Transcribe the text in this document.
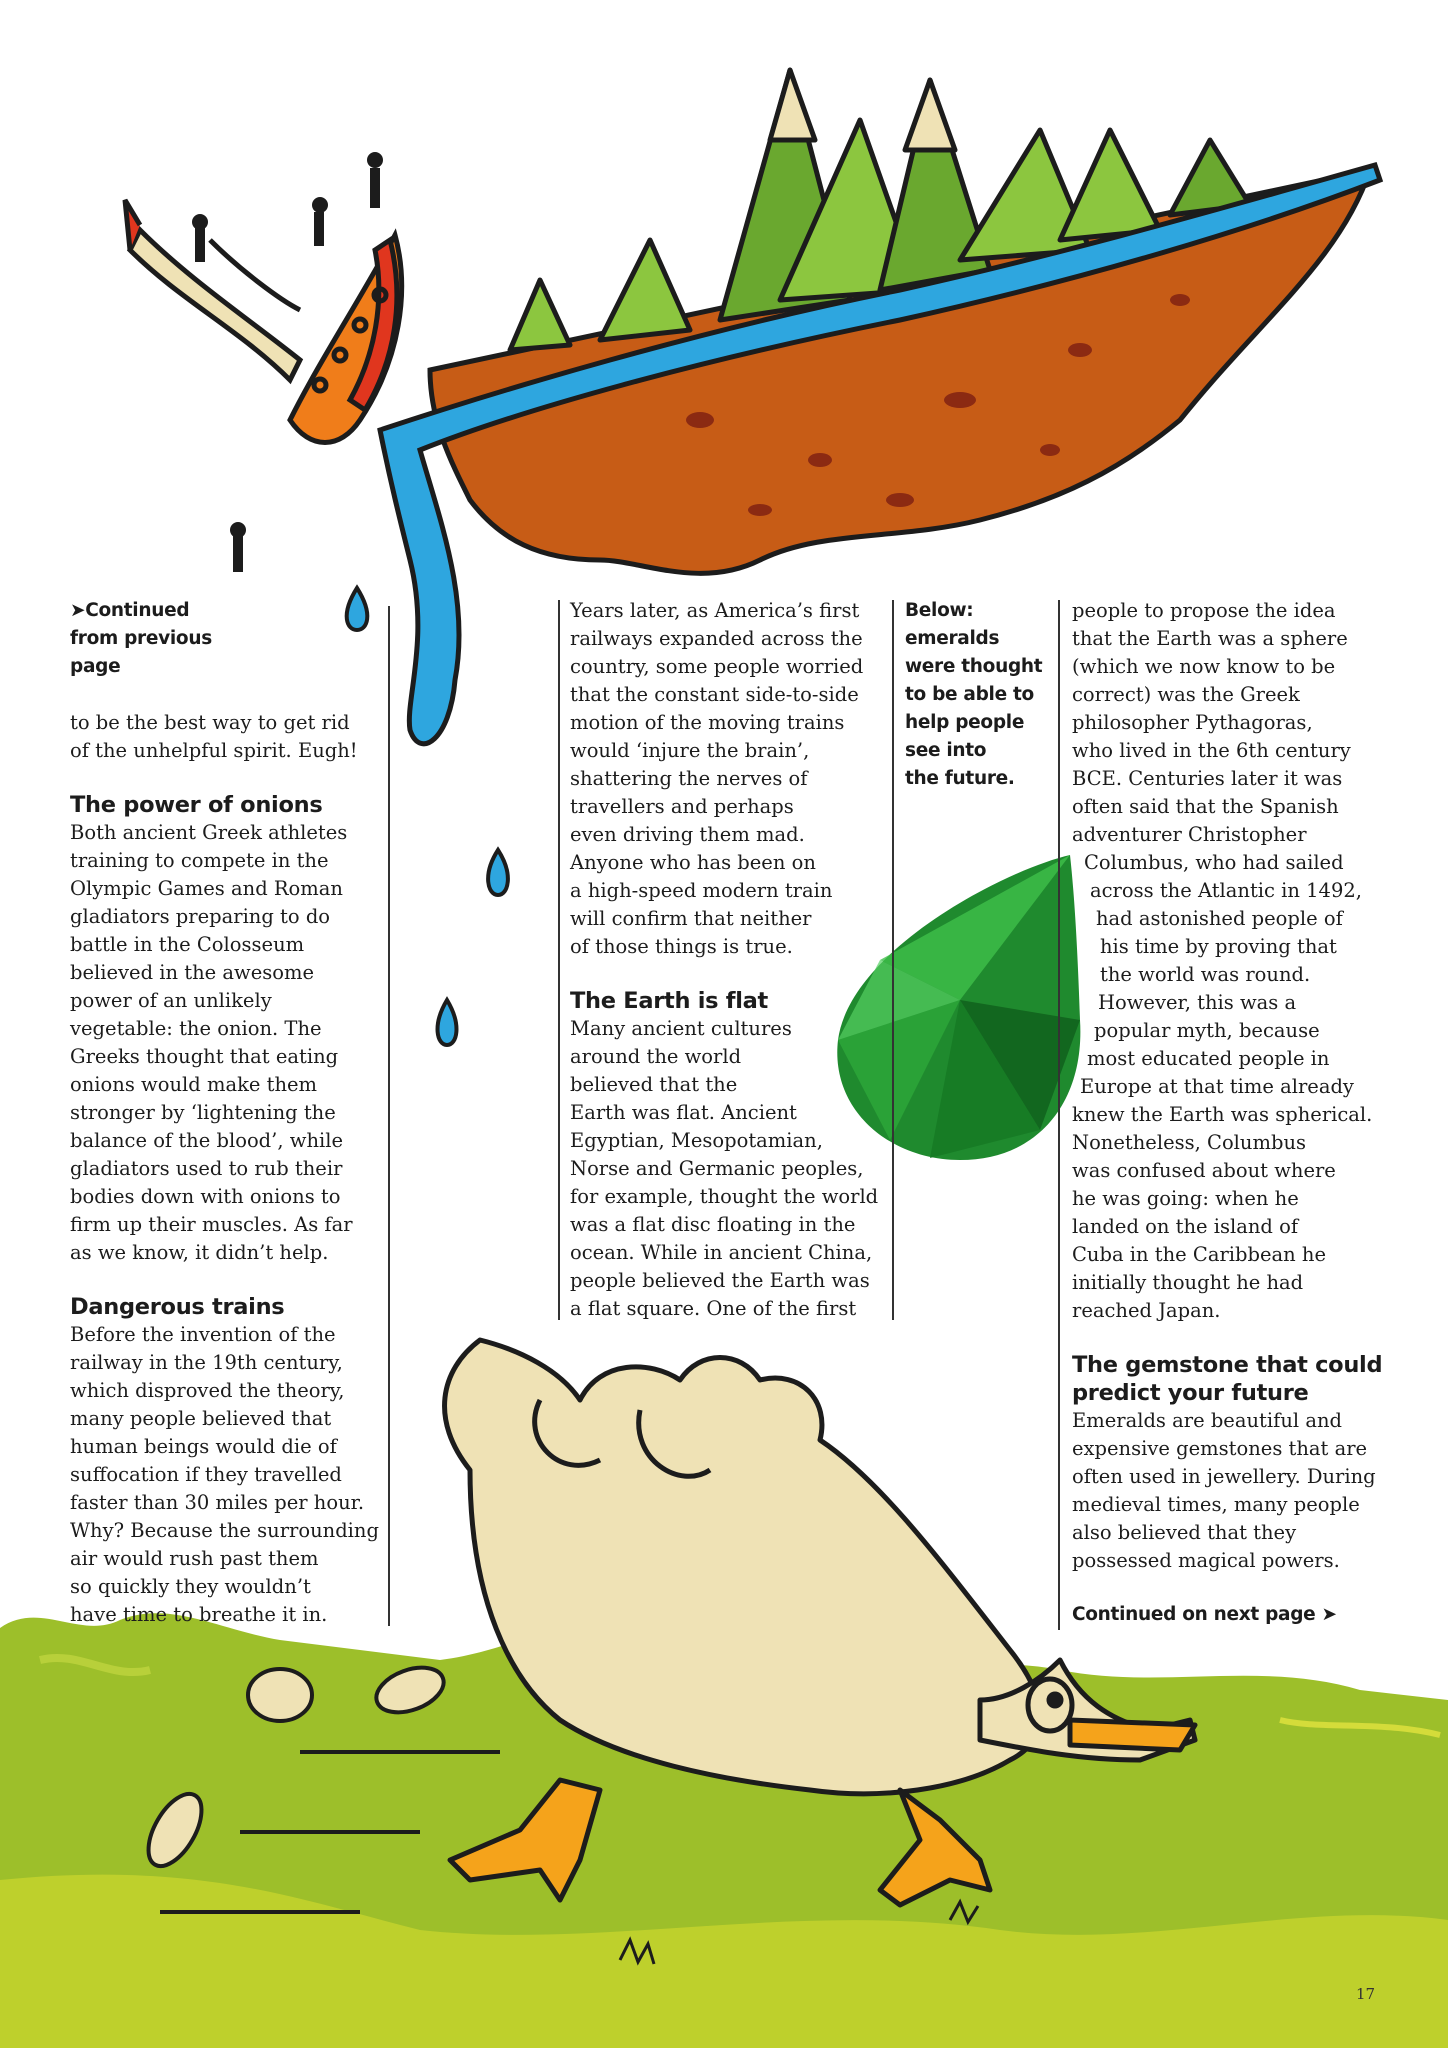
➤Continued
from previous
page

to be the best way to get rid
of the unhelpful spirit. Eugh!

The power of onions

Both ancient Greek athletes
training to compete in the
Olympic Games and Roman
gladiators preparing to do
battle in the Colosseum
believed in the awesome
power of an unlikely
vegetable: the onion. The
Greeks thought that eating
onions would make them
stronger by ‘lightening the
balance of the blood’, while
gladiators used to rub their
bodies down with onions to
firm up their muscles. As far
as we know, it didn’t help.

Dangerous trains

Before the invention of the
railway in the 19th century,
which disproved the theory,
many people believed that
human beings would die of
suffocation if they travelled
faster than 30 miles per hour.
Why? Because the surrounding
air would rush past them
so quickly they wouldn’t
have time to breathe it in.

Years later, as America’s first
railways expanded across the
country, some people worried
that the constant side-to-side
motion of the moving trains
would ‘injure the brain’,
shattering the nerves of
travellers and perhaps
even driving them mad.
Anyone who has been on
a high-speed modern train
will confirm that neither
of those things is true.

The Earth is flat

Many ancient cultures
around the world
believed that the
Earth was flat. Ancient
Egyptian, Mesopotamian,
Norse and Germanic peoples,
for example, thought the world
was a flat disc floating in the
ocean. While in ancient China,
people believed the Earth was
a flat square. One of the first

Below:
emeralds
were thought
to be able to
help people
see into
the future.
people to propose the idea
that the Earth was a sphere
(which we now know to be
correct) was the Greek
philosopher Pythagoras,
who lived in the 6th century
BCE. Centuries later it was
often said that the Spanish
adventurer Christopher
Columbus, who had sailed
across the Atlantic in 1492,
had astonished people of
his time by proving that
the world was round.
However, this was a
popular myth, because
most educated people in
Europe at that time already
knew the Earth was spherical.
Nonetheless, Columbus
was confused about where
he was going: when he
landed on the island of
Cuba in the Caribbean he
initially thought he had
reached Japan.
The gemstone that could
predict your future

Emeralds are beautiful and
expensive gemstones that are
often used in jewellery. During
medieval times, many people
also believed that they
possessed magical powers.

Continued on next page ➤
17
